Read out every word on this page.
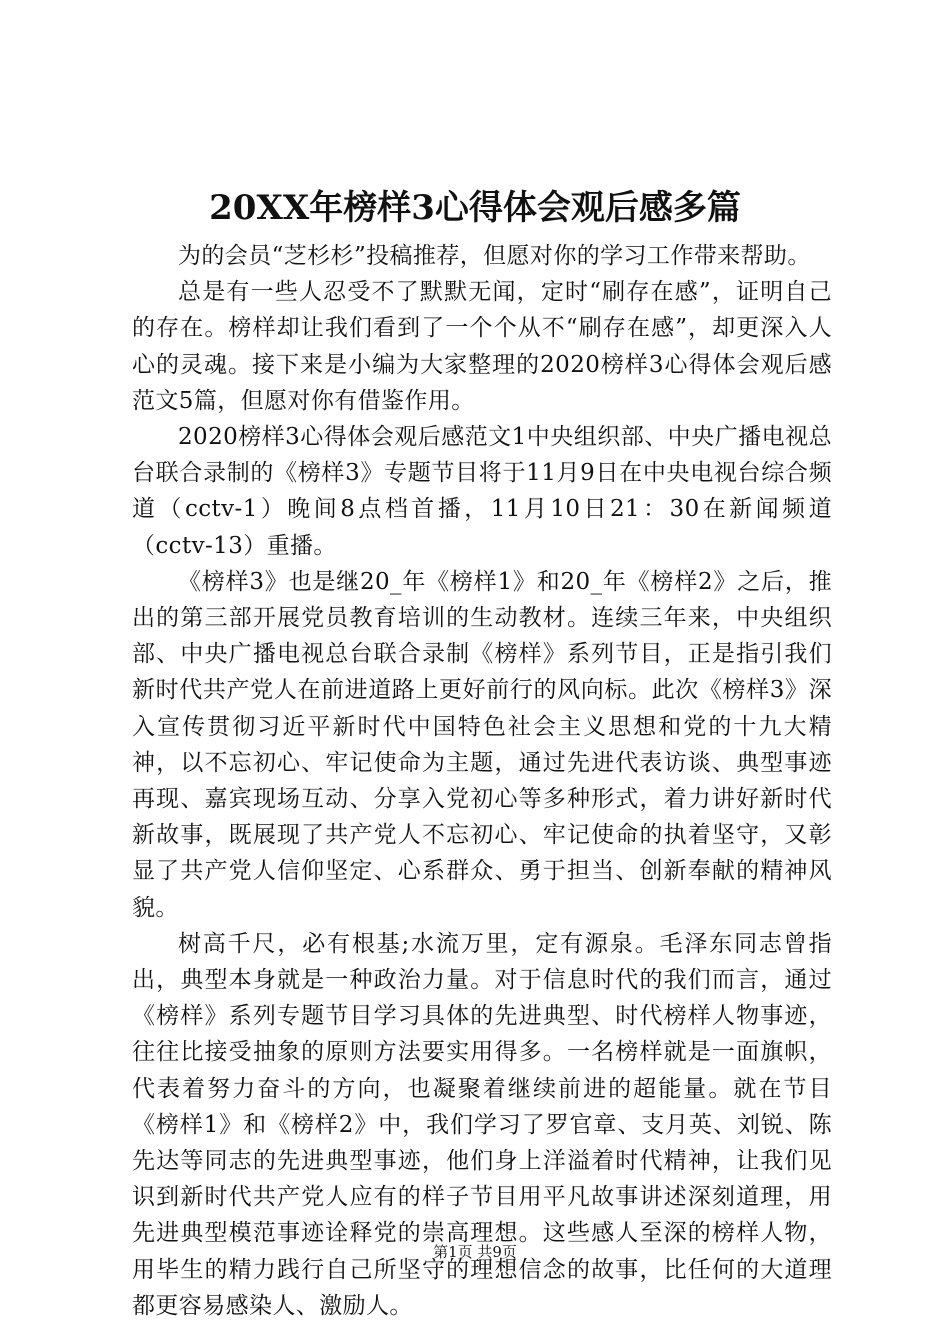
20XX年榜样3心得体会观后感多篇

为的会员“芝杉杉”投稿推荐，但愿对你的学习工作带来帮助。

总是有一些人忍受不了默默无闻，定时“刷存在感”，证明自己的存在。榜样却让我们看到了一个个从不“刷存在感”，却更深入人心的灵魂。接下来是小编为大家整理的2020榜样3心得体会观后感范文5篇，但愿对你有借鉴作用。

2020榜样3心得体会观后感范文1中央组织部、中央广播电视总台联合录制的《榜样3》专题节目将于11月9日在中央电视台综合频道（cctv-1）晚间8点档首播，11月10日21：30在新闻频道（cctv-13）重播。

《榜样3》也是继20_年《榜样1》和20_年《榜样2》之后，推出的第三部开展党员教育培训的生动教材。连续三年来，中央组织部、中央广播电视总台联合录制《榜样》系列节目，正是指引我们新时代共产党人在前进道路上更好前行的风向标。此次《榜样3》深入宣传贯彻习近平新时代中国特色社会主义思想和党的十九大精神，以不忘初心、牢记使命为主题，通过先进代表访谈、典型事迹再现、嘉宾现场互动、分享入党初心等多种形式，着力讲好新时代新故事，既展现了共产党人不忘初心、牢记使命的执着坚守，又彰显了共产党人信仰坚定、心系群众、勇于担当、创新奉献的精神风貌。

树高千尺，必有根基;水流万里，定有源泉。毛泽东同志曾指出，典型本身就是一种政治力量。对于信息时代的我们而言，通过《榜样》系列专题节目学习具体的先进典型、时代榜样人物事迹，往往比接受抽象的原则方法要实用得多。一名榜样就是一面旗帜，代表着努力奋斗的方向，也凝聚着继续前进的超能量。就在节目《榜样1》和《榜样2》中，我们学习了罗官章、支月英、刘锐、陈先达等同志的先进典型事迹，他们身上洋溢着时代精神，让我们见识到新时代共产党人应有的样子节目用平凡故事讲述深刻道理，用先进典型模范事迹诠释党的崇高理想。这些感人至深的榜样人物，用毕生的精力践行自己所坚守的理想信念的故事，比任何的大道理都更容易感染人、激励人。

第1页 共9页
